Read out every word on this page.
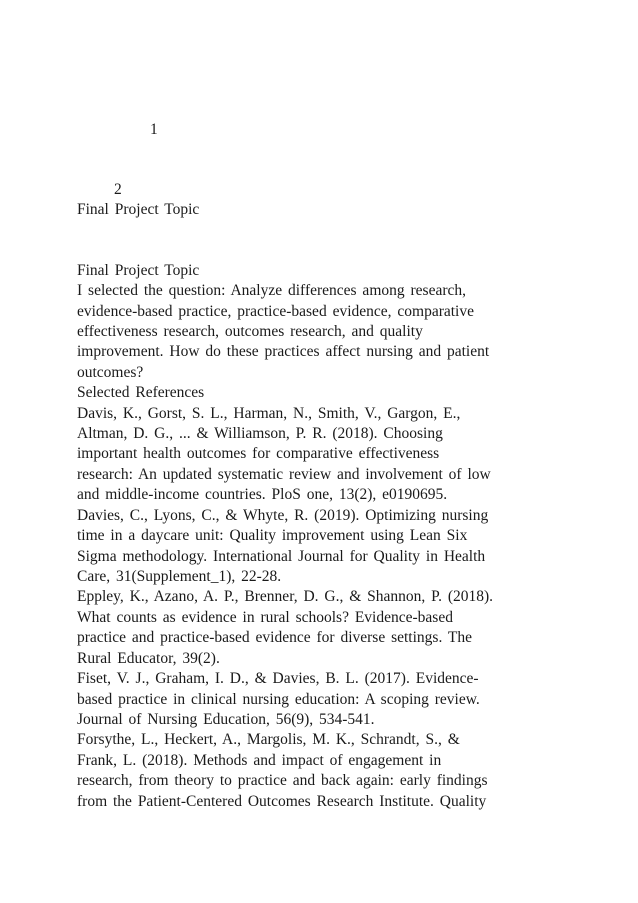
1
2
Final Project Topic
Final Project Topic
I selected the question: Analyze differences among research,
evidence-based practice, practice-based evidence, comparative
effectiveness research, outcomes research, and quality
improvement. How do these practices affect nursing and patient
outcomes?
Selected References
Davis, K., Gorst, S. L., Harman, N., Smith, V., Gargon, E.,
Altman, D. G., ... & Williamson, P. R. (2018). Choosing
important health outcomes for comparative effectiveness
research: An updated systematic review and involvement of low
and middle-income countries. PloS one, 13(2), e0190695.
Davies, C., Lyons, C., & Whyte, R. (2019). Optimizing nursing
time in a daycare unit: Quality improvement using Lean Six
Sigma methodology. International Journal for Quality in Health
Care, 31(Supplement_1), 22-28.
Eppley, K., Azano, A. P., Brenner, D. G., & Shannon, P. (2018).
What counts as evidence in rural schools? Evidence-based
practice and practice-based evidence for diverse settings. The
Rural Educator, 39(2).
Fiset, V. J., Graham, I. D., & Davies, B. L. (2017). Evidence-
based practice in clinical nursing education: A scoping review.
Journal of Nursing Education, 56(9), 534-541.
Forsythe, L., Heckert, A., Margolis, M. K., Schrandt, S., &
Frank, L. (2018). Methods and impact of engagement in
research, from theory to practice and back again: early findings
from the Patient-Centered Outcomes Research Institute. Quality
